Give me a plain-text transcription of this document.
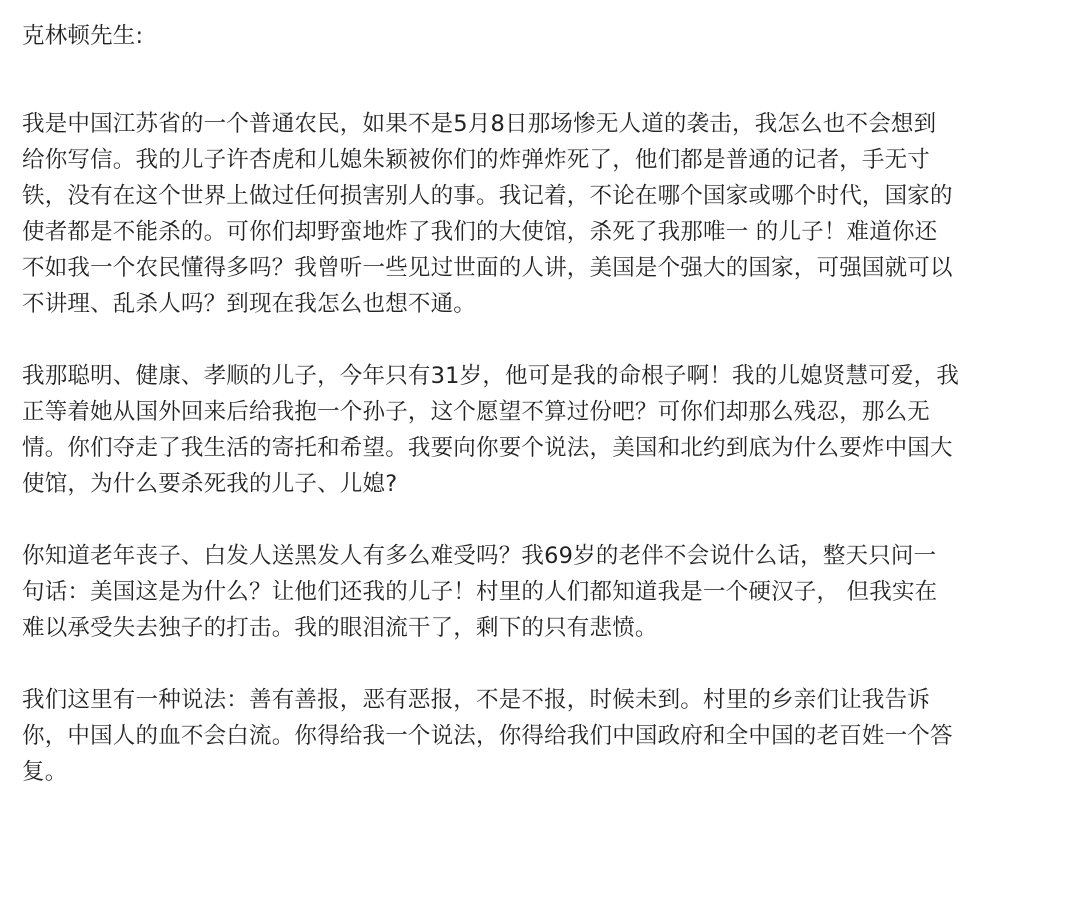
克林顿先生:
我是中国江苏省的一个普通农民，如果不是5月8日那场惨无人道的袭击，我怎么也不会想到
给你写信。我的儿子许杏虎和儿媳朱颖被你们的炸弹炸死了，他们都是普通的记者，手无寸
铁，没有在这个世界上做过任何损害别人的事。我记着，不论在哪个国家或哪个时代，国家的
使者都是不能杀的。可你们却野蛮地炸了我们的大使馆，杀死了我那唯一 的儿子！难道你还
不如我一个农民懂得多吗？我曾听一些见过世面的人讲，美国是个强大的国家，可强国就可以
不讲理、乱杀人吗？到现在我怎么也想不通。
我那聪明、健康、孝顺的儿子，今年只有31岁，他可是我的命根子啊！我的儿媳贤慧可爱，我
正等着她从国外回来后给我抱一个孙子，这个愿望不算过份吧？可你们却那么残忍，那么无
情。你们夺走了我生活的寄托和希望。我要向你要个说法，美国和北约到底为什么要炸中国大
使馆，为什么要杀死我的儿子、儿媳?
你知道老年丧子、白发人送黑发人有多么难受吗？我69岁的老伴不会说什么话，整天只问一
句话：美国这是为什么？让他们还我的儿子！村里的人们都知道我是一个硬汉子， 但我实在
难以承受失去独子的打击。我的眼泪流干了，剩下的只有悲愤。
我们这里有一种说法：善有善报，恶有恶报，不是不报，时候未到。村里的乡亲们让我告诉
你，中国人的血不会白流。你得给我一个说法，你得给我们中国政府和全中国的老百姓一个答
复。
